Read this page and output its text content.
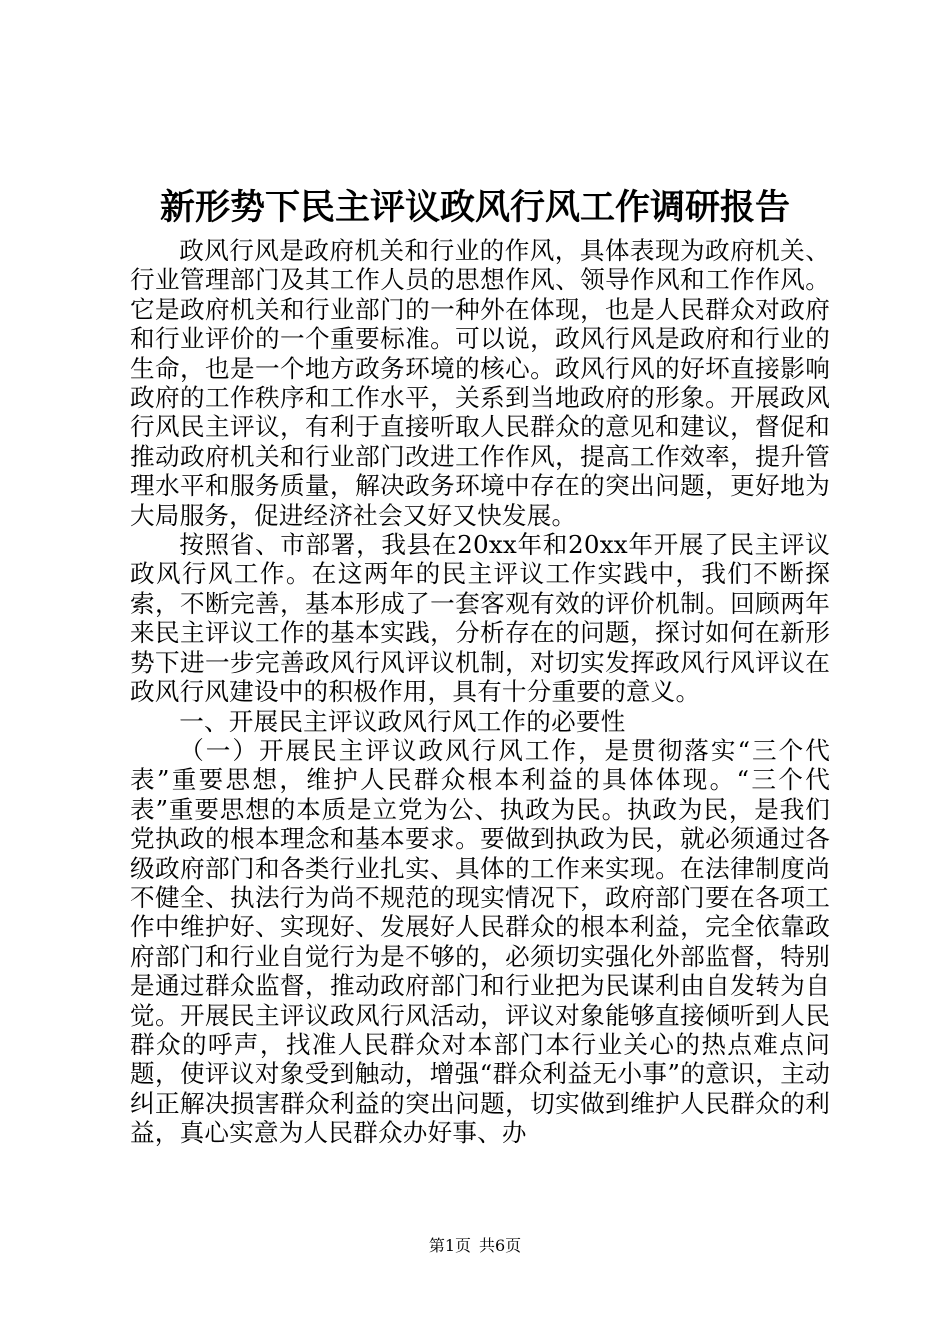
新形势下民主评议政风行风工作调研报告

政风行风是政府机关和行业的作风，具体表现为政府机关、行业管理部门及其工作人员的思想作风、领导作风和工作作风。它是政府机关和行业部门的一种外在体现，也是人民群众对政府和行业评价的一个重要标准。可以说，政风行风是政府和行业的生命，也是一个地方政务环境的核心。政风行风的好坏直接影响政府的工作秩序和工作水平，关系到当地政府的形象。开展政风行风民主评议，有利于直接听取人民群众的意见和建议，督促和推动政府机关和行业部门改进工作作风，提高工作效率，提升管理水平和服务质量，解决政务环境中存在的突出问题，更好地为大局服务，促进经济社会又好又快发展。

按照省、市部署，我县在20xx年和20xx年开展了民主评议政风行风工作。在这两年的民主评议工作实践中，我们不断探索，不断完善，基本形成了一套客观有效的评价机制。回顾两年来民主评议工作的基本实践，分析存在的问题，探讨如何在新形势下进一步完善政风行风评议机制，对切实发挥政风行风评议在政风行风建设中的积极作用，具有十分重要的意义。

一、开展民主评议政风行风工作的必要性

（一）开展民主评议政风行风工作，是贯彻落实“三个代表”重要思想，维护人民群众根本利益的具体体现。“三个代表”重要思想的本质是立党为公、执政为民。执政为民，是我们党执政的根本理念和基本要求。要做到执政为民，就必须通过各级政府部门和各类行业扎实、具体的工作来实现。在法律制度尚不健全、执法行为尚不规范的现实情况下，政府部门要在各项工作中维护好、实现好、发展好人民群众的根本利益，完全依靠政府部门和行业自觉行为是不够的，必须切实强化外部监督，特别是通过群众监督，推动政府部门和行业把为民谋利由自发转为自觉。开展民主评议政风行风活动，评议对象能够直接倾听到人民群众的呼声，找准人民群众对本部门本行业关心的热点难点问题，使评议对象受到触动，增强“群众利益无小事”的意识，主动纠正解决损害群众利益的突出问题，切实做到维护人民群众的利益，真心实意为人民群众办好事、办

第1页 共6页
